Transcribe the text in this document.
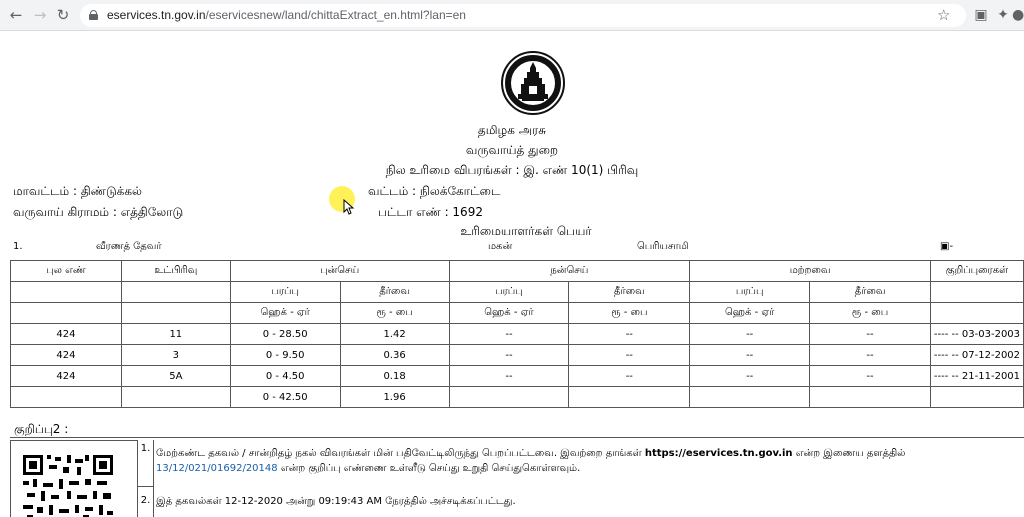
← → ↻	eservices.tn.gov.in/eservicesnew/land/chittaExtract_en.html?lan=en	☆ ▣ ✦ ●
தமிழக அரசு
வருவாய்த் துறை
நில உரிமை விபரங்கள் : இ. எண் 10(1) பிரிவு
மாவட்டம் : திண்டுக்கல்	வட்டம் : நிலக்கோட்டை
வருவாய் கிராமம் : எத்திலோடு	பட்டா எண் : 1692
உரிமையாளர்கள் பெயர்
1.	வீரணத் தேவர்	மகன்	பெரியசாமி	▣-
புல எண்	உட்பிரிவு	புன்செய்		நன்செய்		மற்றவை		குறிப்புரைகள்
		பரப்பு	தீர்வை	பரப்பு	தீர்வை	பரப்பு	தீர்வை	
		ஹெக் - ஏர்	ரூ - பை	ஹெக் - ஏர்	ரூ - பை	ஹெக் - ஏர்	ரூ - பை	
424	11	0 - 28.50	1.42	--	--	--	--	---- -- 03-03-2003
424	3	0 - 9.50	0.36	--	--	--	--	---- -- 07-12-2002
424	5A	0 - 4.50	0.18	--	--	--	--	---- -- 21-11-2001
		0 - 42.50	1.96					
குறிப்பு2 :
1. மேற்கண்ட தகவல் / சான்றிதழ் நகல் விவரங்கள் மின் பதிவேட்டிலிருந்து பெறப்பட்டவை. இவற்றை தாங்கள் https://eservices.tn.gov.in என்ற இணைய தளத்தில்
13/12/021/01692/20148 என்ற குறிப்பு எண்ணை உள்ளீடு செய்து உறுதி செய்துகொள்ளவும்.
2. இத் தகவல்கள் 12-12-2020 அன்று 09:19:43 AM நேரத்தில் அச்சடிக்கப்பட்டது.
